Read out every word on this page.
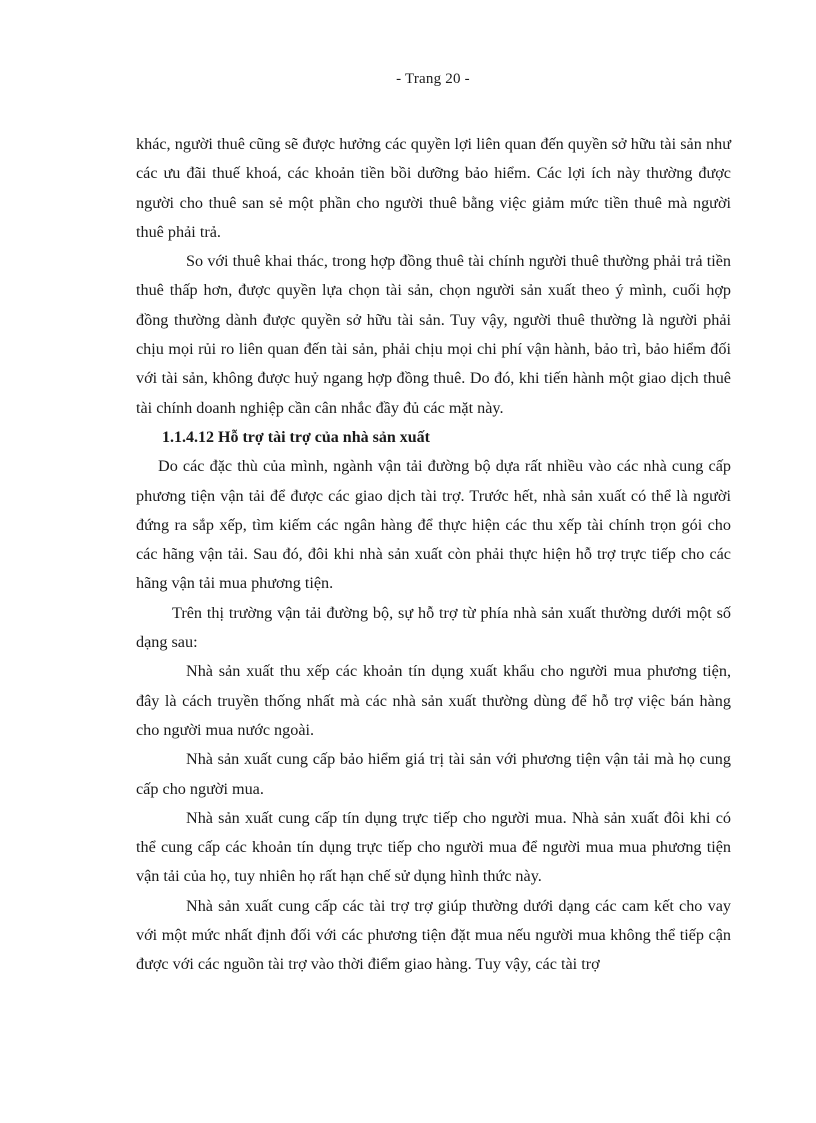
- Trang 20 -

khác, người thuê cũng sẽ được hưởng các quyền lợi liên quan đến quyền sở hữu tài sản như các ưu đãi thuế khoá, các khoản tiền bồi dưỡng bảo hiểm. Các lợi ích này thường được người cho thuê san sẻ một phần cho người thuê bằng việc giảm mức tiền thuê mà người thuê phải trả.

So với thuê khai thác, trong hợp đồng thuê tài chính người thuê thường phải trả tiền thuê thấp hơn, được quyền lựa chọn tài sản, chọn người sản xuất theo ý mình, cuối hợp đồng thường dành được quyền sở hữu tài sản. Tuy vậy, người thuê thường là người phải chịu mọi rủi ro liên quan đến tài sản, phải chịu mọi chi phí vận hành, bảo trì, bảo hiểm đối với tài sản, không được huỷ ngang hợp đồng thuê. Do đó, khi tiến hành một giao dịch thuê tài chính doanh nghiệp cần cân nhắc đầy đủ các mặt này.

1.1.4.12 Hỗ trợ tài trợ của nhà sản xuất

Do các đặc thù của mình, ngành vận tải đường bộ dựa rất nhiều vào các nhà cung cấp phương tiện vận tải để được các giao dịch tài trợ. Trước hết, nhà sản xuất có thể là người đứng ra sắp xếp, tìm kiếm các ngân hàng để thực hiện các thu xếp tài chính trọn gói cho các hãng vận tải. Sau đó, đôi khi nhà sản xuất còn phải thực hiện hỗ trợ trực tiếp cho các hãng vận tải mua phương tiện.

Trên thị trường vận tải đường bộ, sự hỗ trợ từ phía nhà sản xuất thường dưới một số dạng sau:

Nhà sản xuất thu xếp các khoản tín dụng xuất khẩu cho người mua phương tiện, đây là cách truyền thống nhất mà các nhà sản xuất thường dùng để hỗ trợ việc bán hàng cho người mua nước ngoài.

Nhà sản xuất cung cấp bảo hiểm giá trị tài sản với phương tiện vận tải mà họ cung cấp cho người mua.

Nhà sản xuất cung cấp tín dụng trực tiếp cho người mua. Nhà sản xuất đôi khi có thể cung cấp các khoản tín dụng trực tiếp cho người mua để người mua mua phương tiện vận tải của họ, tuy nhiên họ rất hạn chế sử dụng hình thức này.

Nhà sản xuất cung cấp các tài trợ trợ giúp thường dưới dạng các cam kết cho vay với một mức nhất định đối với các phương tiện đặt mua nếu người mua không thể tiếp cận được với các nguồn tài trợ vào thời điểm giao hàng. Tuy vậy, các tài trợ
